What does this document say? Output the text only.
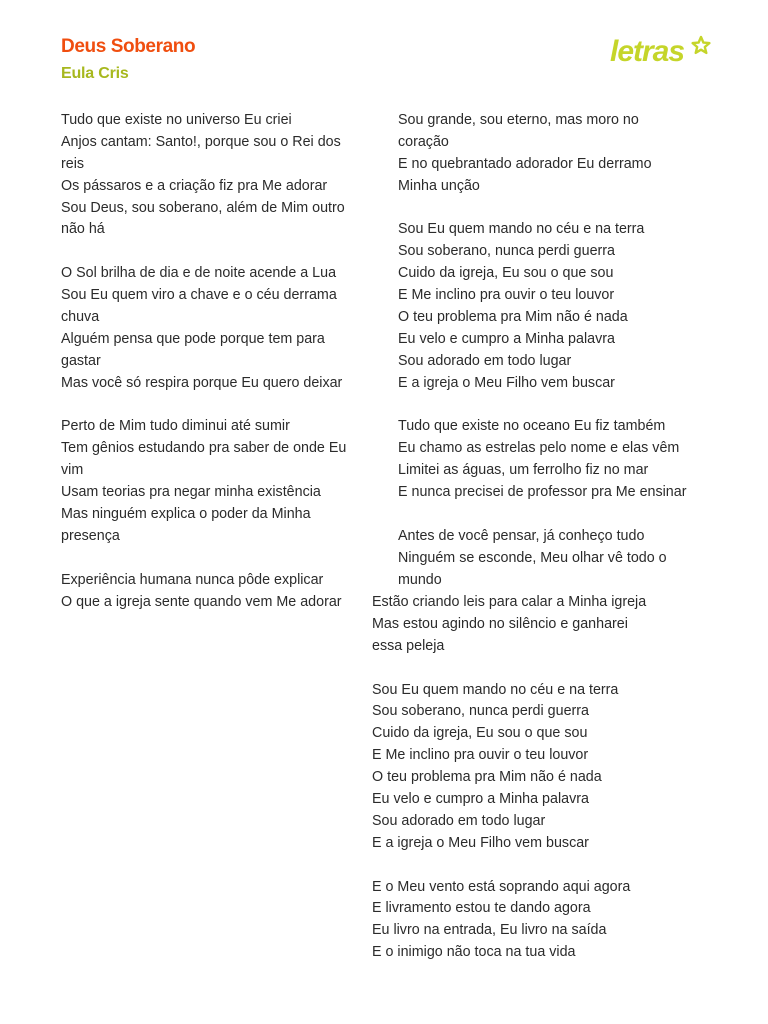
Deus Soberano
Eula Cris
letras
Tudo que existe no universo Eu criei
Anjos cantam: Santo!, porque sou o Rei dos
reis
Os pássaros e a criação fiz pra Me adorar
Sou Deus, sou soberano, além de Mim outro
não há
O Sol brilha de dia e de noite acende a Lua
Sou Eu quem viro a chave e o céu derrama
chuva
Alguém pensa que pode porque tem para
gastar
Mas você só respira porque Eu quero deixar
Perto de Mim tudo diminui até sumir
Tem gênios estudando pra saber de onde Eu
vim
Usam teorias pra negar minha existência
Mas ninguém explica o poder da Minha
presença
Experiência humana nunca pôde explicar
O que a igreja sente quando vem Me adorar
Sou grande, sou eterno, mas moro no
coração
E no quebrantado adorador Eu derramo
Minha unção
Sou Eu quem mando no céu e na terra
Sou soberano, nunca perdi guerra
Cuido da igreja, Eu sou o que sou
E Me inclino pra ouvir o teu louvor
O teu problema pra Mim não é nada
Eu velo e cumpro a Minha palavra
Sou adorado em todo lugar
E a igreja o Meu Filho vem buscar
Tudo que existe no oceano Eu fiz também
Eu chamo as estrelas pelo nome e elas vêm
Limitei as águas, um ferrolho fiz no mar
E nunca precisei de professor pra Me ensinar
Antes de você pensar, já conheço tudo
Ninguém se esconde, Meu olhar vê todo o
mundo
Estão criando leis para calar a Minha igreja
Mas estou agindo no silêncio e ganharei
essa peleja
Sou Eu quem mando no céu e na terra
Sou soberano, nunca perdi guerra
Cuido da igreja, Eu sou o que sou
E Me inclino pra ouvir o teu louvor
O teu problema pra Mim não é nada
Eu velo e cumpro a Minha palavra
Sou adorado em todo lugar
E a igreja o Meu Filho vem buscar
E o Meu vento está soprando aqui agora
E livramento estou te dando agora
Eu livro na entrada, Eu livro na saída
E o inimigo não toca na tua vida
